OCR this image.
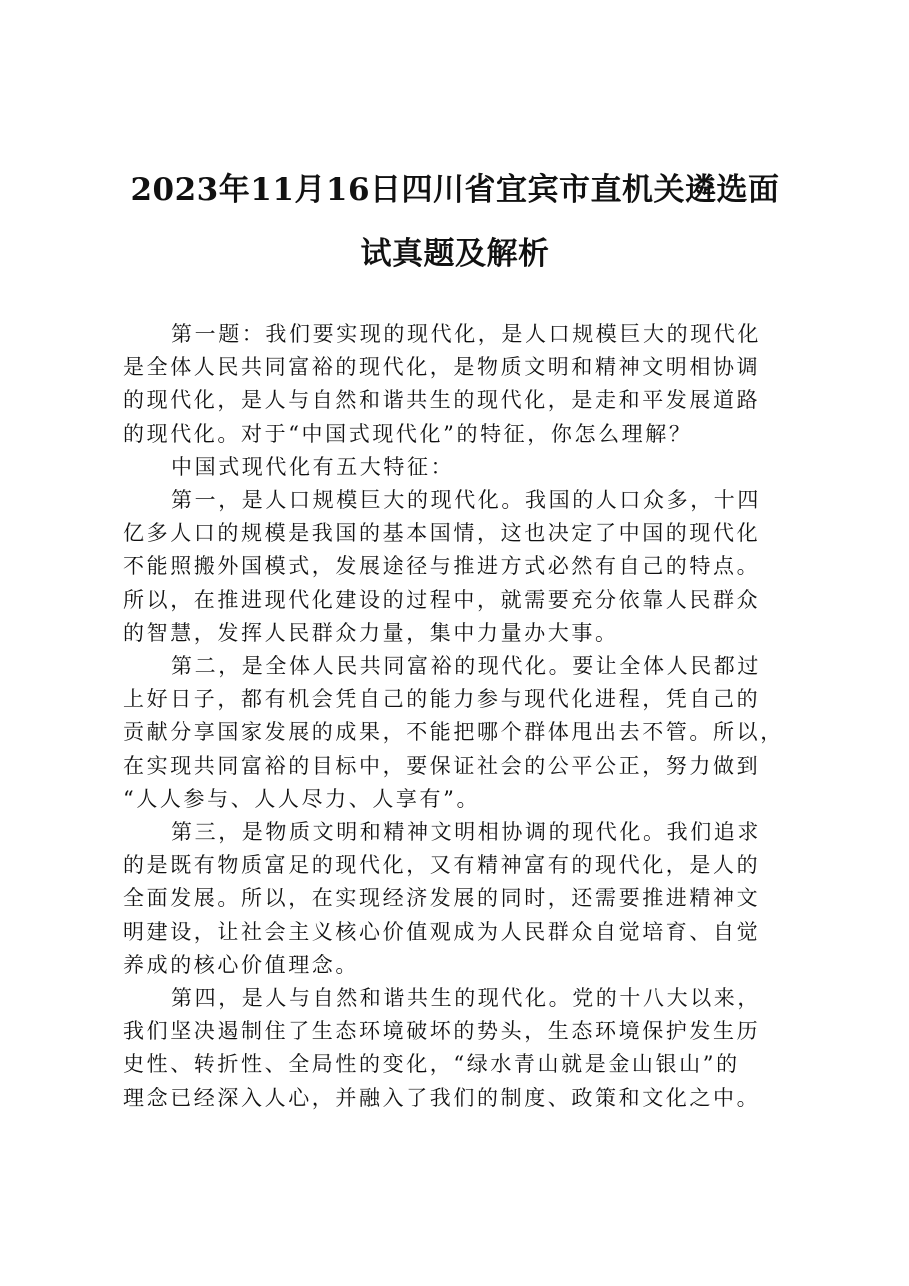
2023年11月16日四川省宜宾市直机关遴选面
试真题及解析

第一题：我们要实现的现代化，是人口规模巨大的现代化
是全体人民共同富裕的现代化，是物质文明和精神文明相协调
的现代化，是人与自然和谐共生的现代化，是走和平发展道路
的现代化。对于“中国式现代化”的特征，你怎么理解？

中国式现代化有五大特征：

第一，是人口规模巨大的现代化。我国的人口众多，十四
亿多人口的规模是我国的基本国情，这也决定了中国的现代化
不能照搬外国模式，发展途径与推进方式必然有自己的特点。
所以，在推进现代化建设的过程中，就需要充分依靠人民群众
的智慧，发挥人民群众力量，集中力量办大事。

第二，是全体人民共同富裕的现代化。要让全体人民都过
上好日子，都有机会凭自己的能力参与现代化进程，凭自己的
贡献分享国家发展的成果，不能把哪个群体甩出去不管。所以，
在实现共同富裕的目标中，要保证社会的公平公正，努力做到
“人人参与、人人尽力、人享有”。

第三，是物质文明和精神文明相协调的现代化。我们追求
的是既有物质富足的现代化，又有精神富有的现代化，是人的
全面发展。所以，在实现经济发展的同时，还需要推进精神文
明建设，让社会主义核心价值观成为人民群众自觉培育、自觉
养成的核心价值理念。

第四，是人与自然和谐共生的现代化。党的十八大以来，
我们坚决遏制住了生态环境破坏的势头，生态环境保护发生历
史性、转折性、全局性的变化，“绿水青山就是金山银山”的
理念已经深入人心，并融入了我们的制度、政策和文化之中。
